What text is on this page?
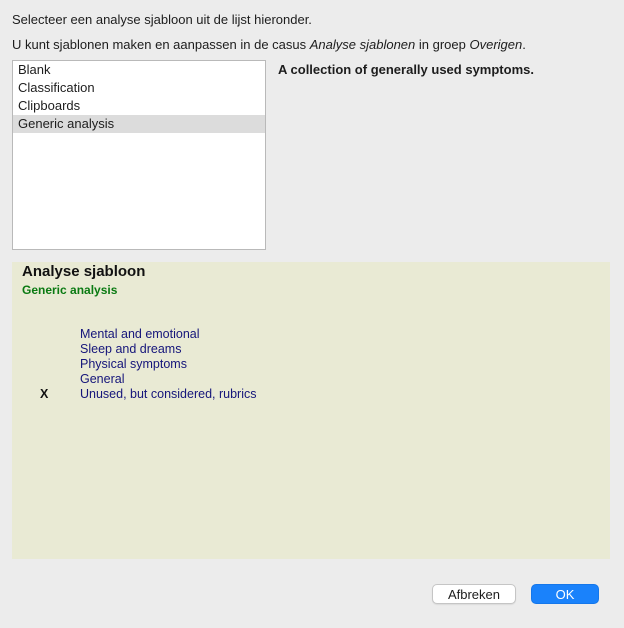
Selecteer een analyse sjabloon uit de lijst hieronder.
U kunt sjablonen maken en aanpassen in de casus Analyse sjablonen in groep Overigen.
Blank
Classification
Clipboards
Generic analysis
A collection of generally used symptoms.
Analyse sjabloon
Generic analysis
Mental and emotional
Sleep and dreams
Physical symptoms
General
X	Unused, but considered, rubrics
Afbreken	OK
